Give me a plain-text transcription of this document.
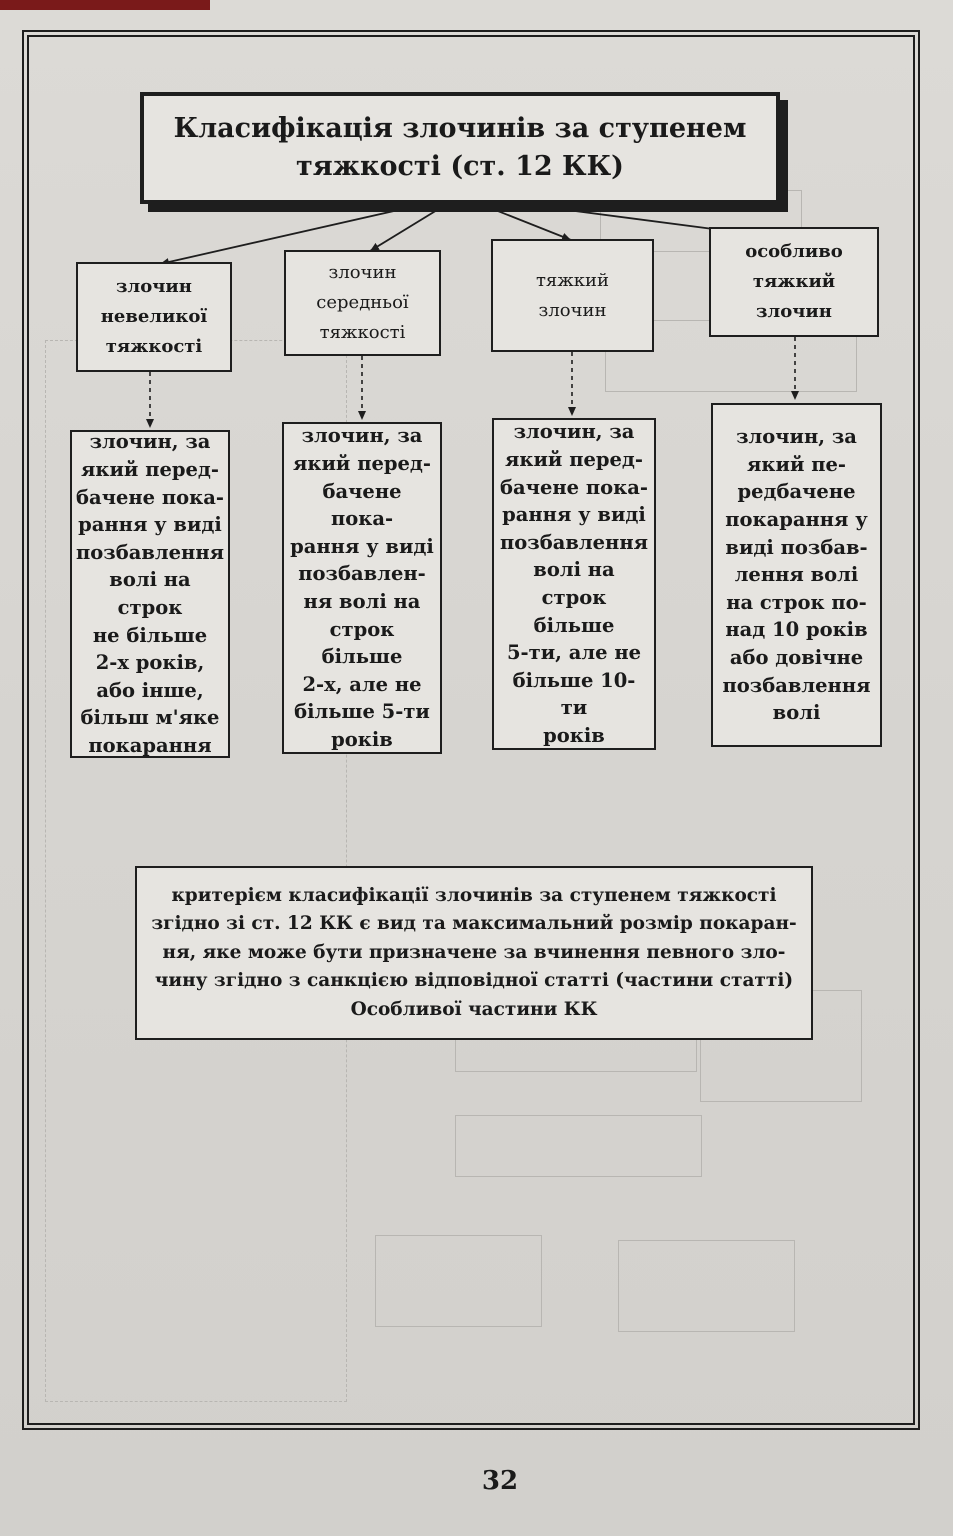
Класифікація злочинів за ступенем
тяжкості (ст. 12 КК)
злочин
невеликої
тяжкості
злочин
середньої
тяжкості
тяжкий
злочин
особливо
тяжкий
злочин
злочин, за
який перед-
бачене пока-
рання у виді
позбавлення
волі на строк
не більше
2-х років,
або інше,
більш м'яке
покарання
злочин, за
який перед-
бачене пока-
рання у виді
позбавлен-
ня волі на
строк більше
2-х, але не
більше 5-ти
років
злочин, за
який перед-
бачене пока-
рання у виді
позбавлення
волі на строк
більше
5-ти, але не
більше 10-ти
років
злочин, за
який пе-
редбачене
покарання у
виді позбав-
лення волі
на строк по-
над 10 років
або довічне
позбавлення
волі
критерієм класифікації злочинів за ступенем тяжкості
згідно зі ст. 12 КК є вид та максимальний розмір покаран-
ня, яке може бути призначене за вчинення певного зло-
чину згідно з санкцією відповідної статті (частини статті)
Особливої частини КК
32
